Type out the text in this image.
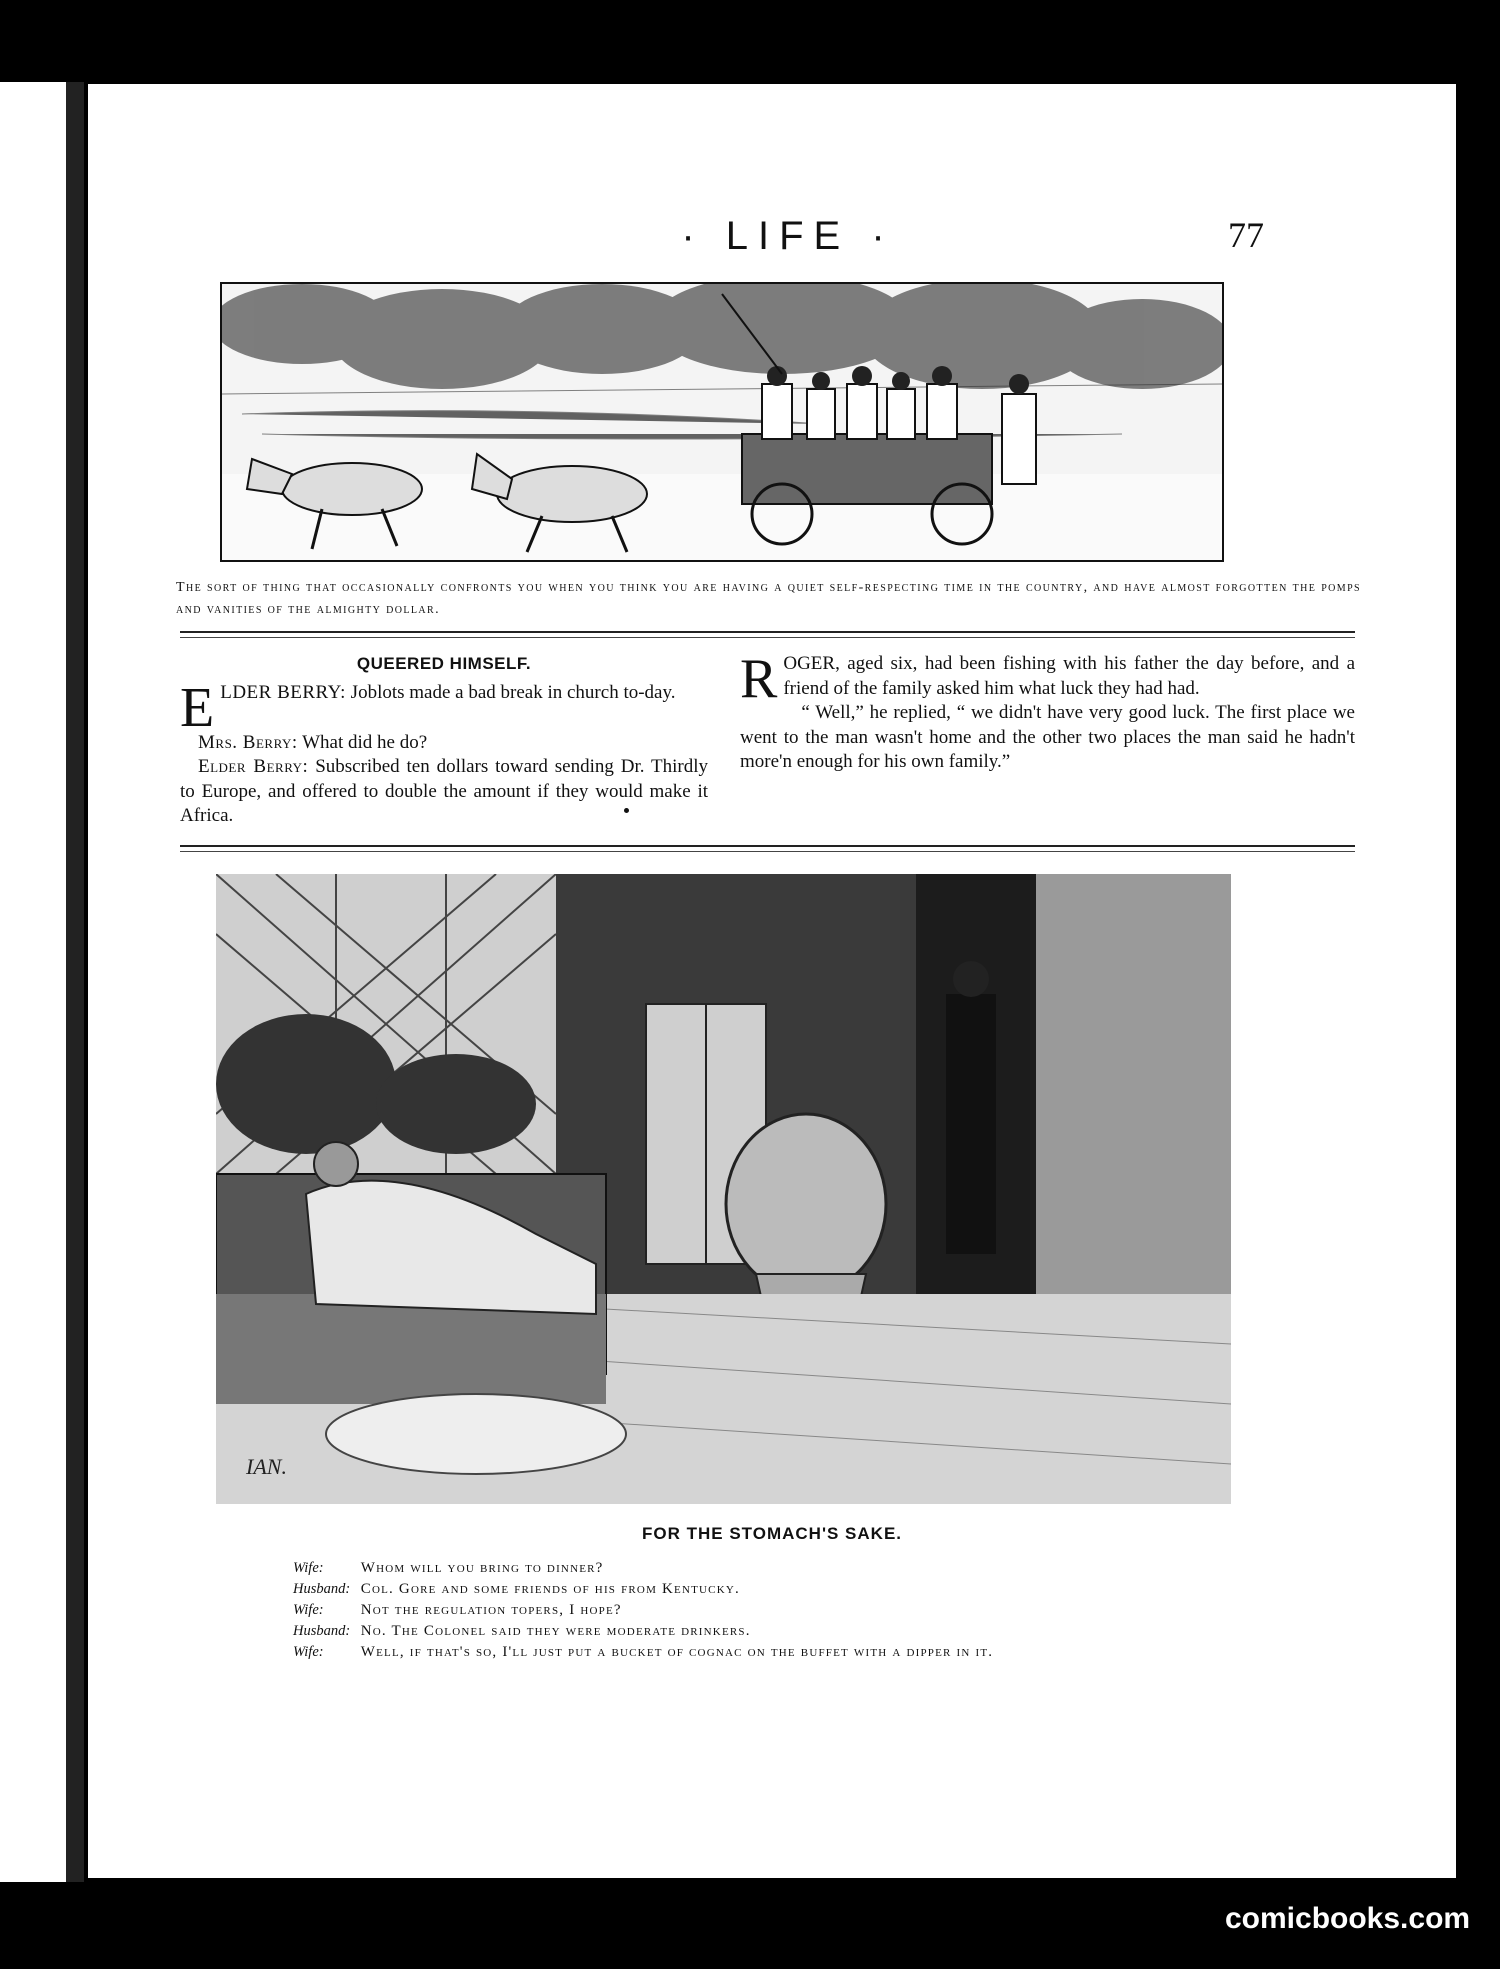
· LIFE ·	77
The sort of thing that occasionally confronts you when you think you are having a quiet self-respecting time in the country, and have almost forgotten the pomps and vanities of the almighty dollar.
QUEERED HIMSELF.

ELDER BERRY: Joblots made a bad break in church to-day.

Mrs. Berry: What did he do?

Elder Berry: Subscribed ten dollars toward sending Dr. Thirdly to Europe, and offered to double the amount if they would make it Africa.

ROGER, aged six, had been fishing with his father the day before, and a friend of the family asked him what luck they had had.

“ Well,” he replied, “ we didn't have very good luck. The first place we went to the man wasn't home and the other two places the man said he hadn't more'n enough for his own family.”

IAN.
FOR THE STOMACH'S SAKE.
Wife: Whom will you bring to dinner?
Husband: Col. Gore and some friends of his from Kentucky.
Wife: Not the regulation topers, I hope?
Husband: No. The Colonel said they were moderate drinkers.
Wife: Well, if that's so, I'll just put a bucket of cognac on the buffet with a dipper in it.
comicbooks.com
